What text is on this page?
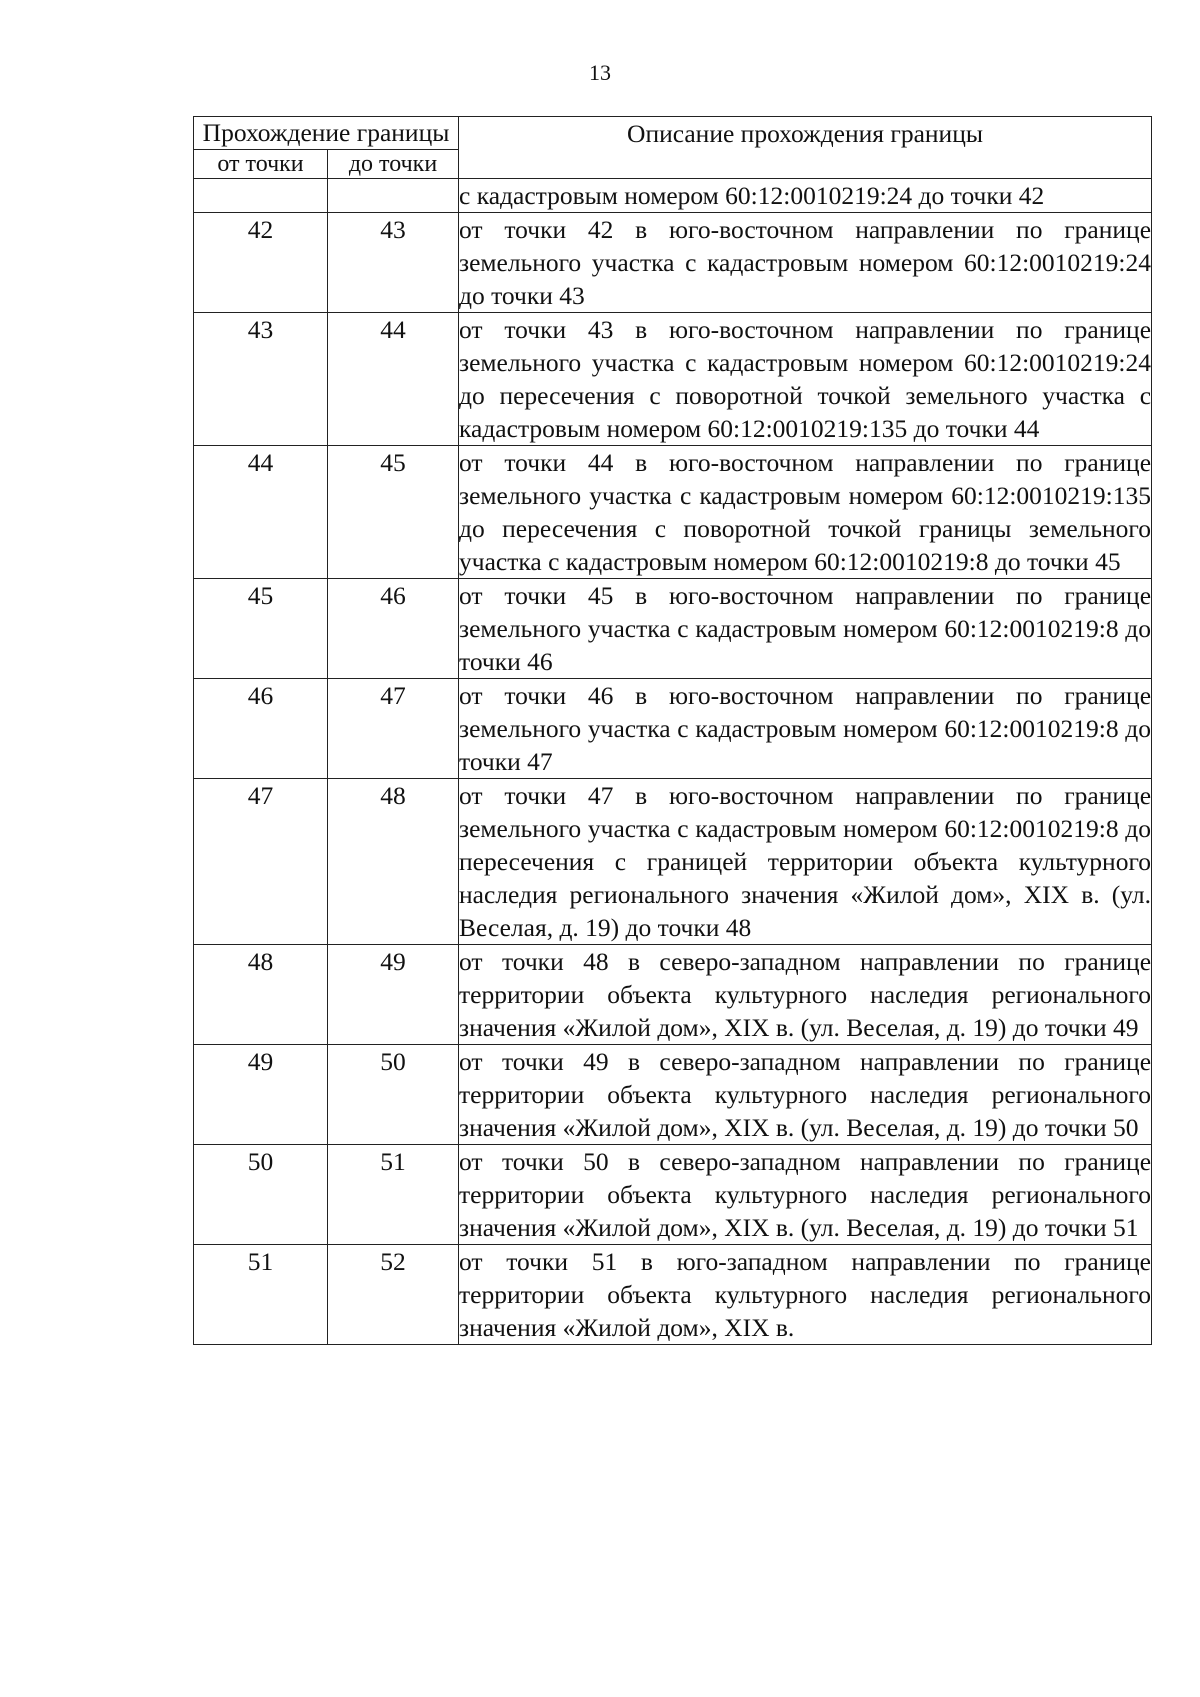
13
Прохождение границы		Описание прохождения границы
от точки	до точки	
		с кадастровым номером 60:12:0010219:24 до точки 42
42	43	от точки 42 в юго-восточном направлении по границе земельного участка с кадастровым номером 60:12:0010219:24 до точки 43
43	44	от точки 43 в юго-восточном направлении по границе земельного участка с кадастровым номером 60:12:0010219:24 до пересечения с поворотной точкой земельного участка с кадастровым номером 60:12:0010219:135 до точки 44
44	45	от точки 44 в юго-восточном направлении по границе земельного участка с кадастровым номером 60:12:0010219:135 до пересечения с поворотной точкой границы земельного участка с кадастровым номером 60:12:0010219:8 до точки 45
45	46	от точки 45 в юго-восточном направлении по границе земельного участка с кадастровым номером 60:12:0010219:8 до точки 46
46	47	от точки 46 в юго-восточном направлении по границе земельного участка с кадастровым номером 60:12:0010219:8 до точки 47
47	48	от точки 47 в юго-восточном направлении по границе земельного участка с кадастровым номером 60:12:0010219:8 до пересечения с границей территории объекта культурного наследия регионального значения «Жилой дом», XIX в. (ул. Веселая, д. 19) до точки 48
48	49	от точки 48 в северо-западном направлении по границе территории объекта культурного наследия регионального значения «Жилой дом», XIX в. (ул. Веселая, д. 19) до точки 49
49	50	от точки 49 в северо-западном направлении по границе территории объекта культурного наследия регионального значения «Жилой дом», XIX в. (ул. Веселая, д. 19) до точки 50
50	51	от точки 50 в северо-западном направлении по границе территории объекта культурного наследия регионального значения «Жилой дом», XIX в. (ул. Веселая, д. 19) до точки 51
51	52	от точки 51 в юго-западном направлении по границе территории объекта культурного наследия регионального значения «Жилой дом», XIX в.
